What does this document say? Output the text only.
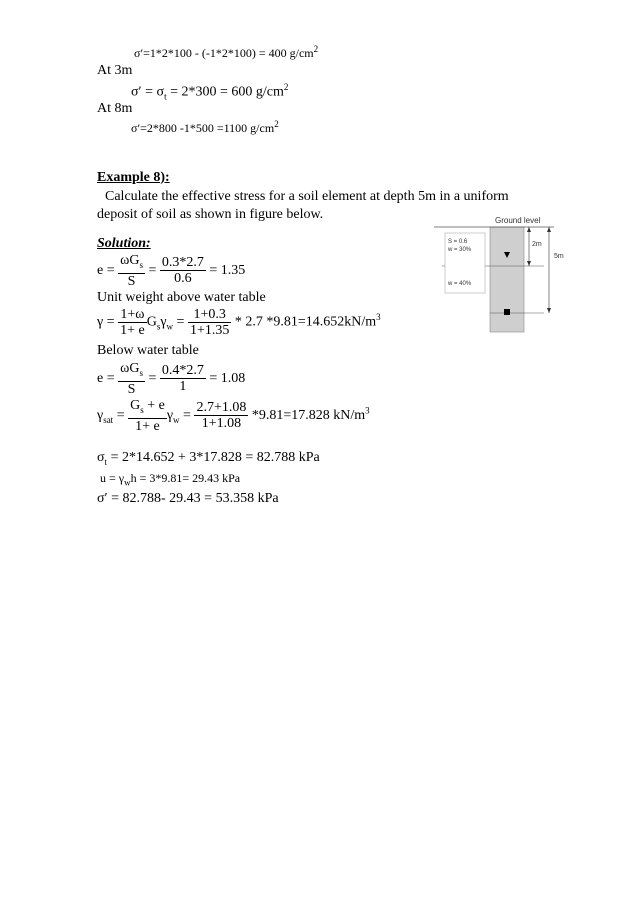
σ′=1*2*100 - (-1*2*100) = 400 $g/cm^2$
At 3m
$\sigma' = \sigma_t = 2*300 = 600$ $g/cm^2$
At 8m
σ′=2*800 -1*500 =1100 $g/cm^2$
Example 8):
Calculate the effective stress for a soil element at depth 5m in a uniform
deposit of soil as shown in figure below.	Ground level
S = 0.6
w = 30%
w = 40%
2m
5m
Solution:
$e = \frac{\omega G_s}{S} = \frac{0.3*2.7}{0.6} = 1.35$
Unit weight above water table
$\gamma = \frac{1+\omega}{1+ e} G_s\gamma_w = \frac{1+0.3}{1+1.35} * 2.7$ $*9.81=14.652kN/m^3$
Below water table
$e = \frac{\omega G_s}{S} = \frac{0.4*2.7}{1} = 1.08$
$\gamma_{sat} = \frac{G_s + e}{1+ e} \gamma_w = \frac{2.7+1.08}{1+1.08} *9.81=17.828$ $kN/m^3$
$\sigma_t = 2*14.652 + 3*17.828 = 82.788$ kPa
$u = \gamma_wh = 3*9.81= 29.43$ kPa
σ′ = 82.788- 29.43 = 53.358 kPa
